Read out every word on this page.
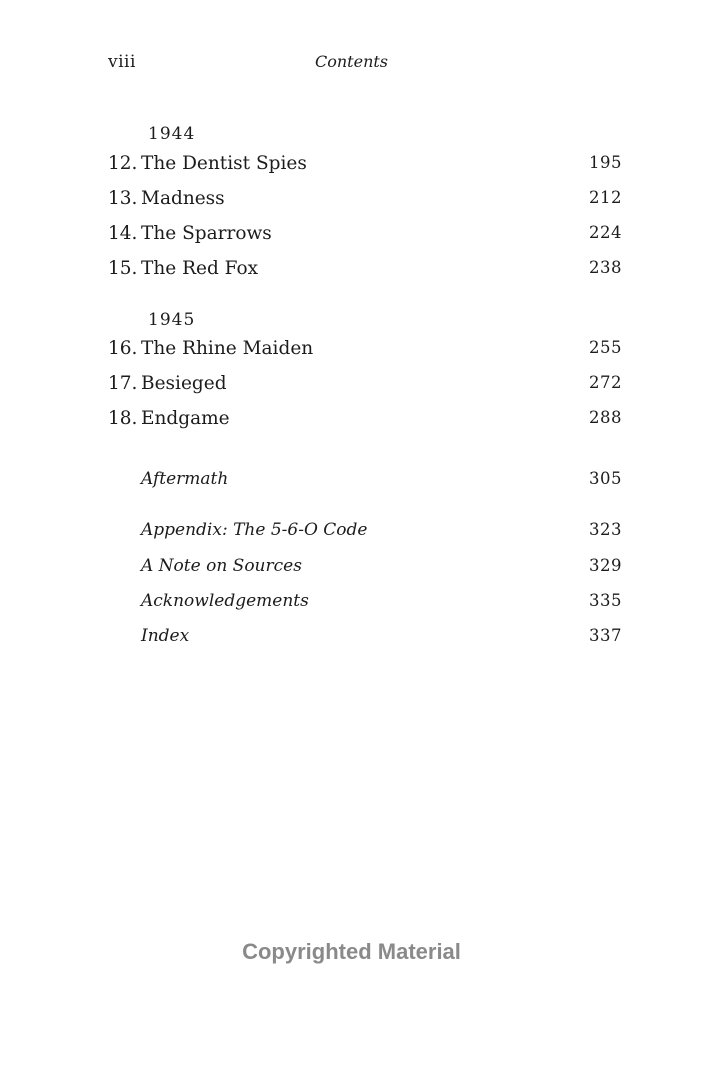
viii	Contents
1944
12. The Dentist Spies	195
13. Madness	212
14. The Sparrows	224
15. The Red Fox	238
1945
16. The Rhine Maiden	255
17. Besieged	272
18. Endgame	288
Aftermath	305
Appendix: The 5-6-O Code	323
A Note on Sources	329
Acknowledgements	335
Index	337
Copyrighted Material
